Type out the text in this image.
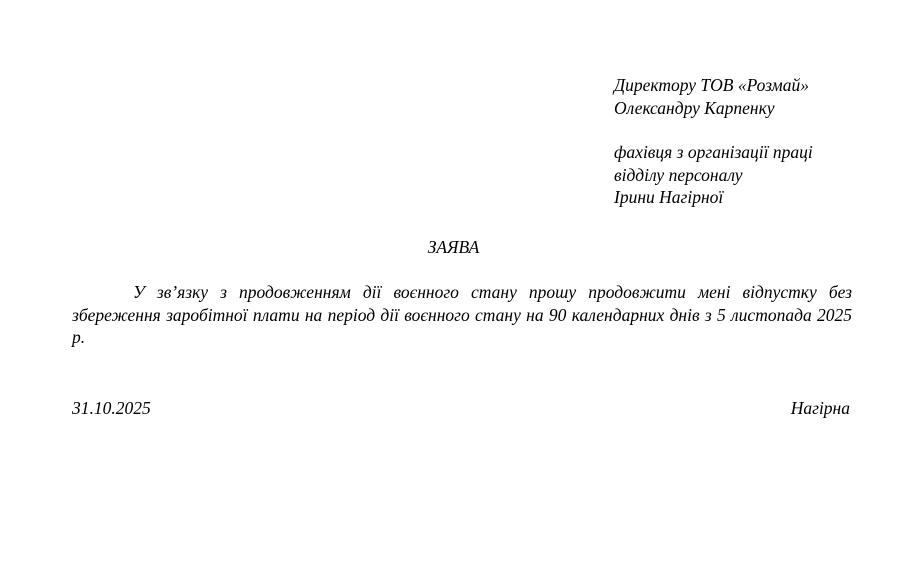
Директору ТОВ «Розмай»
Олександру Карпенку
фахівця з організації праці
відділу персоналу
Ірини Нагірної
ЗАЯВА
У зв’язку з продовженням дії воєнного стану прошу продовжити мені відпустку без збереження заробітної плати на період дії воєнного стану на 90 календарних днів з 5 листопада 2025 р.
31.10.2025	Нагірна
